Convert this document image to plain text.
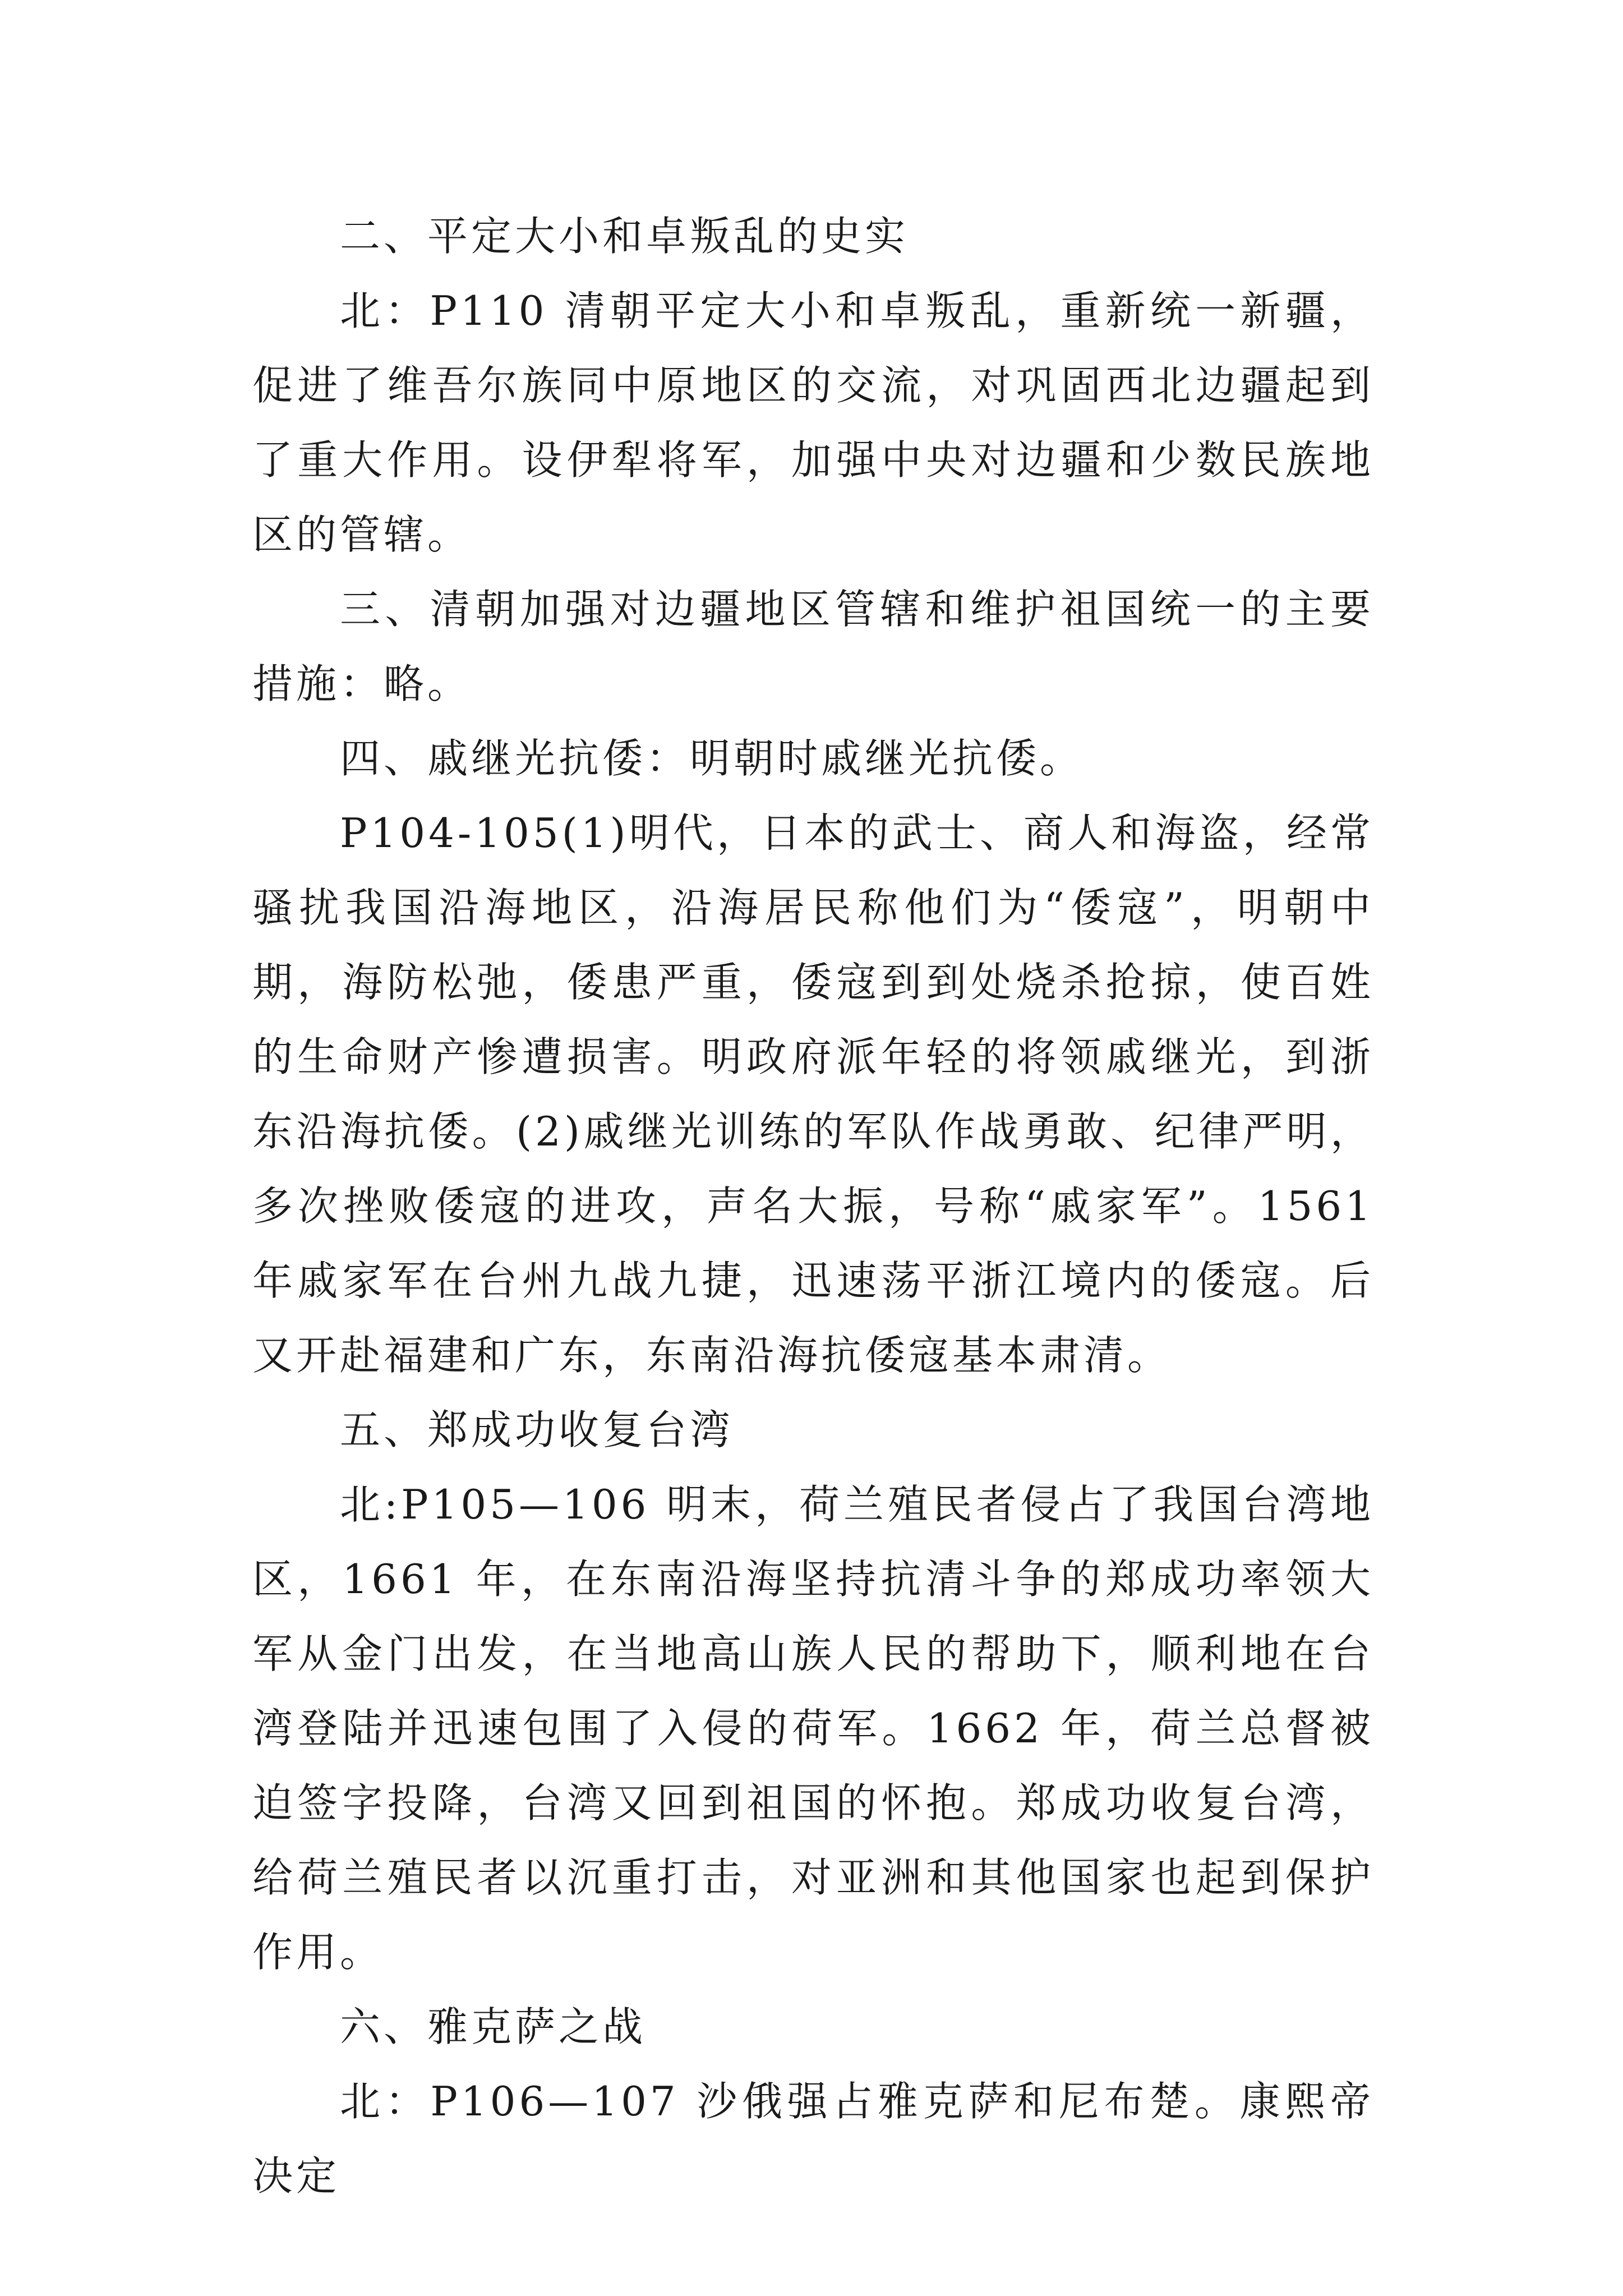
二、平定大小和卓叛乱的史实

北：P110 清朝平定大小和卓叛乱，重新统一新疆，促进了维吾尔族同中原地区的交流，对巩固西北边疆起到了重大作用。设伊犁将军，加强中央对边疆和少数民族地区的管辖。

三、清朝加强对边疆地区管辖和维护祖国统一的主要措施：略。

四、戚继光抗倭：明朝时戚继光抗倭。

P104-105(1)明代，日本的武士、商人和海盗，经常骚扰我国沿海地区，沿海居民称他们为“倭寇”，明朝中期，海防松弛，倭患严重，倭寇到到处烧杀抢掠，使百姓的生命财产惨遭损害。明政府派年轻的将领戚继光，到浙东沿海抗倭。(2)戚继光训练的军队作战勇敢、纪律严明，多次挫败倭寇的进攻，声名大振，号称“戚家军”。1561 年戚家军在台州九战九捷，迅速荡平浙江境内的倭寇。后又开赴福建和广东，东南沿海抗倭寇基本肃清。

五、郑成功收复台湾

北:P105—106 明末，荷兰殖民者侵占了我国台湾地区，1661 年，在东南沿海坚持抗清斗争的郑成功率领大军从金门出发，在当地高山族人民的帮助下，顺利地在台湾登陆并迅速包围了入侵的荷军。1662 年，荷兰总督被迫签字投降，台湾又回到祖国的怀抱。郑成功收复台湾，给荷兰殖民者以沉重打击，对亚洲和其他国家也起到保护作用。

六、雅克萨之战

北：P106—107 沙俄强占雅克萨和尼布楚。康熙帝决定
